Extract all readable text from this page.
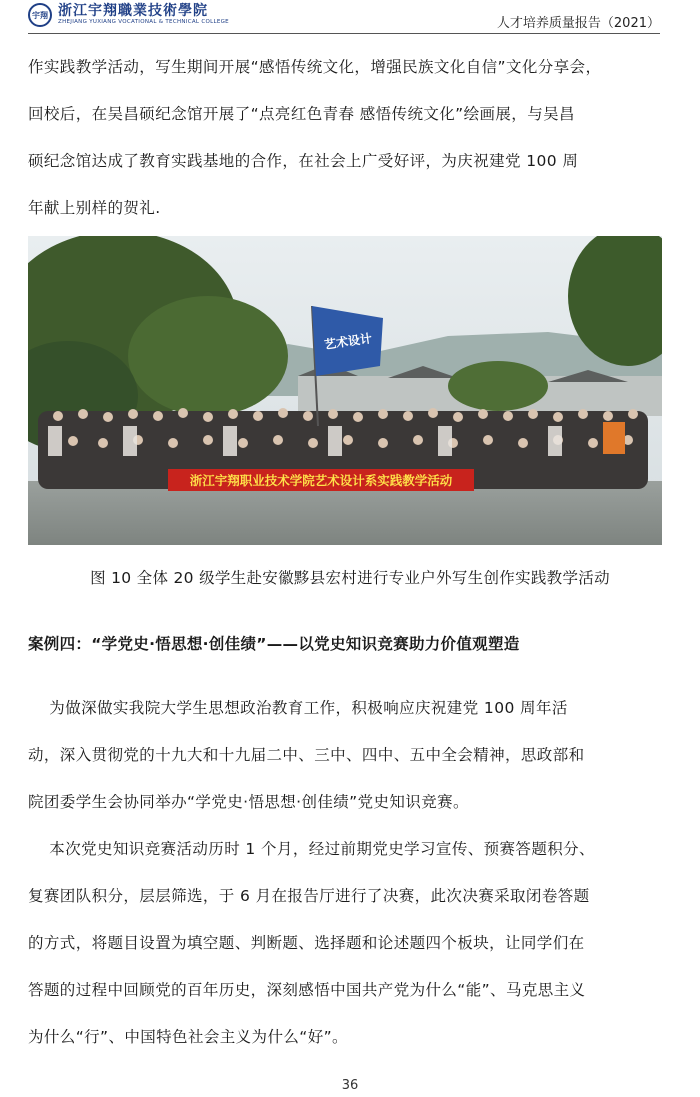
宇翔 浙江宇翔職業技術學院
ZHEJIANG YUXIANG VOCATIONAL & TECHNICAL COLLEGE	人才培养质量报告（2021）
作实践教学活动，写生期间开展“感悟传统文化，增强民族文化自信”文化分享会，
回校后，在吴昌硕纪念馆开展了“点亮红色青春 感悟传统文化”绘画展，与吴昌
硕纪念馆达成了教育实践基地的合作，在社会上广受好评，为庆祝建党 100 周
年献上别样的贺礼.
艺术设计
浙江宇翔职业技术学院艺术设计系实践教学活动
图 10 全体 20 级学生赴安徽黟县宏村进行专业户外写生创作实践教学活动
案例四：“学党史·悟思想·创佳绩”——以党史知识竞赛助力价值观塑造
为做深做实我院大学生思想政治教育工作，积极响应庆祝建党 100 周年活
动，深入贯彻党的十九大和十九届二中、三中、四中、五中全会精神，思政部和
院团委学生会协同举办“学党史·悟思想·创佳绩”党史知识竞赛。
本次党史知识竞赛活动历时 1 个月，经过前期党史学习宣传、预赛答题积分、
复赛团队积分，层层筛选，于 6 月在报告厅进行了决赛，此次决赛采取闭卷答题
的方式，将题目设置为填空题、判断题、选择题和论述题四个板块，让同学们在
答题的过程中回顾党的百年历史，深刻感悟中国共产党为什么“能”、马克思主义
为什么“行”、中国特色社会主义为什么“好”。
36
